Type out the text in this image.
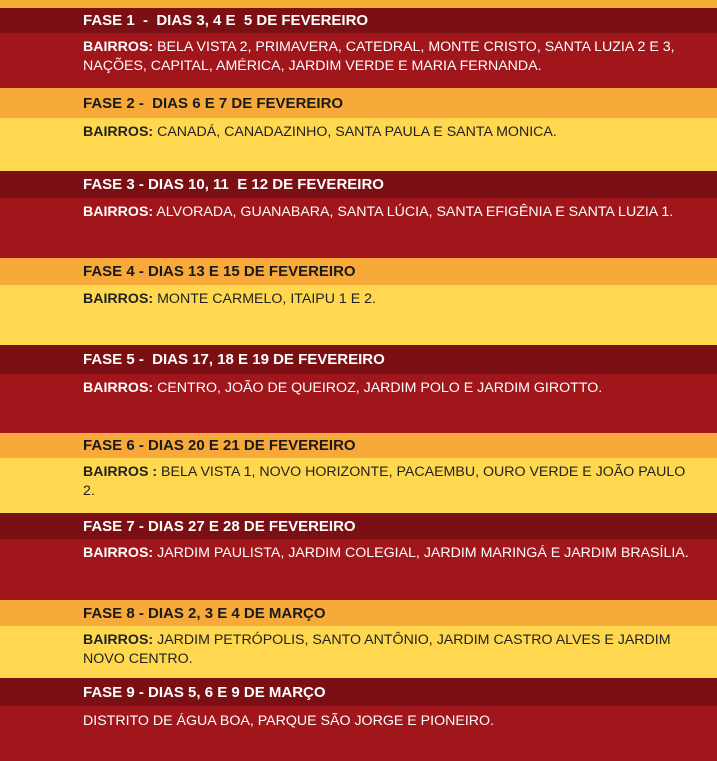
FASE 1  -  DIAS 3, 4 E  5 DE FEVEREIRO
BAIRROS: BELA VISTA 2, PRIMAVERA, CATEDRAL, MONTE CRISTO, SANTA LUZIA 2 E 3, NAÇÕES, CAPITAL, AMÉRICA, JARDIM VERDE E MARIA FERNANDA.
FASE 2 -  DIAS 6 E 7 DE FEVEREIRO
BAIRROS: CANADÁ, CANADAZINHO, SANTA PAULA E SANTA MONICA.
FASE 3 - DIAS 10, 11  E 12 DE FEVEREIRO
BAIRROS: ALVORADA, GUANABARA, SANTA LÚCIA, SANTA EFIGÊNIA E SANTA LUZIA 1.
FASE 4 - DIAS 13 E 15 DE FEVEREIRO
BAIRROS: MONTE CARMELO, ITAIPU 1 E 2.
FASE 5 -  DIAS 17, 18 E 19 DE FEVEREIRO
BAIRROS: CENTRO, JOÃO DE QUEIROZ, JARDIM POLO E JARDIM GIROTTO.
FASE 6 - DIAS 20 E 21 DE FEVEREIRO
BAIRROS : BELA VISTA 1, NOVO HORIZONTE, PACAEMBU, OURO VERDE E JOÃO PAULO 2.
FASE 7 - DIAS 27 E 28 DE FEVEREIRO
BAIRROS: JARDIM PAULISTA, JARDIM COLEGIAL, JARDIM MARINGÁ E JARDIM BRASÍLIA.
FASE 8 - DIAS 2, 3 E 4 DE MARÇO
BAIRROS: JARDIM PETRÓPOLIS, SANTO ANTÔNIO, JARDIM CASTRO ALVES E JARDIM NOVO CENTRO.
FASE 9 - DIAS 5, 6 E 9 DE MARÇO
DISTRITO DE ÁGUA BOA, PARQUE SÃO JORGE E PIONEIRO.
